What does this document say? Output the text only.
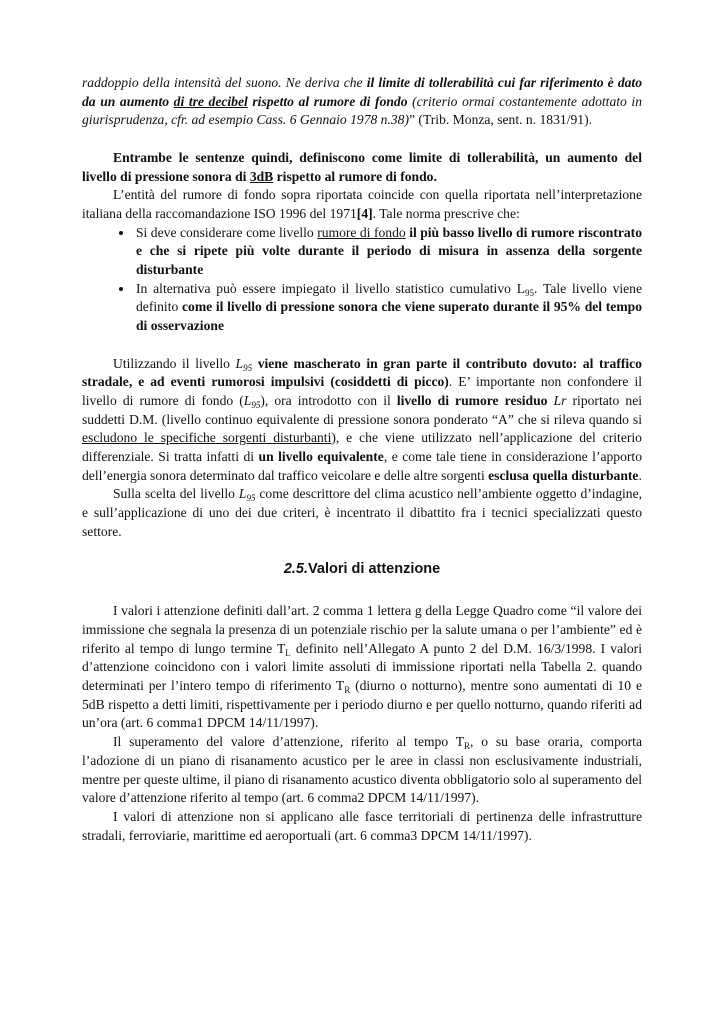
raddoppio della intensità del suono. Ne deriva che il limite di tollerabilità cui far riferimento è dato da un aumento di tre decibel rispetto al rumore di fondo (criterio ormai costantemente adottato in giurisprudenza, cfr. ad esempio Cass. 6 Gennaio 1978 n.38)” (Trib. Monza, sent. n. 1831/91).

Entrambe le sentenze quindi, definiscono come limite di tollerabilità, un aumento del livello di pressione sonora di 3dB rispetto al rumore di fondo.

L’entità del rumore di fondo sopra riportata coincide con quella riportata nell’interpretazione italiana della raccomandazione ISO 1996 del 1971[4]. Tale norma prescrive che:

• Si deve considerare come livello rumore di fondo il più basso livello di rumore riscontrato e che si ripete più volte durante il periodo di misura in assenza della sorgente disturbante
• In alternativa può essere impiegato il livello statistico cumulativo $L_{95}$. Tale livello viene definito come il livello di pressione sonora che viene superato durante il 95% del tempo di osservazione

Utilizzando il livello $L_{95}$ viene mascherato in gran parte il contributo dovuto: al traffico stradale, e ad eventi rumorosi impulsivi (cosiddetti di picco). E’ importante non confondere il livello di rumore di fondo $(L_{95})$, ora introdotto con il livello di rumore residuo Lr riportato nei suddetti D.M. (livello continuo equivalente di pressione sonora ponderato “A” che si rileva quando si escludono le specifiche sorgenti disturbanti), e che viene utilizzato nell’applicazione del criterio differenziale. Si tratta infatti di un livello equivalente, e come tale tiene in considerazione l’apporto dell’energia sonora determinato dal traffico veicolare e delle altre sorgenti esclusa quella disturbante.

Sulla scelta del livello $L_{95}$ come descrittore del clima acustico nell’ambiente oggetto d’indagine, e sull’applicazione di uno dei due criteri, è incentrato il dibattito fra i tecnici specializzati questo settore.

2.5.Valori di attenzione

I valori i attenzione definiti dall’art. 2 comma 1 lettera g della Legge Quadro come “il valore dei immissione che segnala la presenza di un potenziale rischio per la salute umana o per l’ambiente” ed è riferito al tempo di lungo termine $T_L$ definito nell’Allegato A punto 2 del D.M. 16/3/1998. I valori d’attenzione coincidono con i valori limite assoluti di immissione riportati nella Tabella 2. quando determinati per l’intero tempo di riferimento $T_R$ (diurno o notturno), mentre sono aumentati di 10 e 5dB rispetto a detti limiti, rispettivamente per i periodo diurno e per quello notturno, quando riferiti ad un’ora (art. 6 comma1 DPCM 14/11/1997).

Il superamento del valore d’attenzione, riferito al tempo $T_R$, o su base oraria, comporta l’adozione di un piano di risanamento acustico per le aree in classi non esclusivamente industriali, mentre per queste ultime, il piano di risanamento acustico diventa obbligatorio solo al superamento del valore d’attenzione riferito al tempo (art. 6 comma2 DPCM 14/11/1997).

I valori di attenzione non si applicano alle fasce territoriali di pertinenza delle infrastrutture stradali, ferroviarie, marittime ed aeroportuali (art. 6 comma3 DPCM 14/11/1997).
